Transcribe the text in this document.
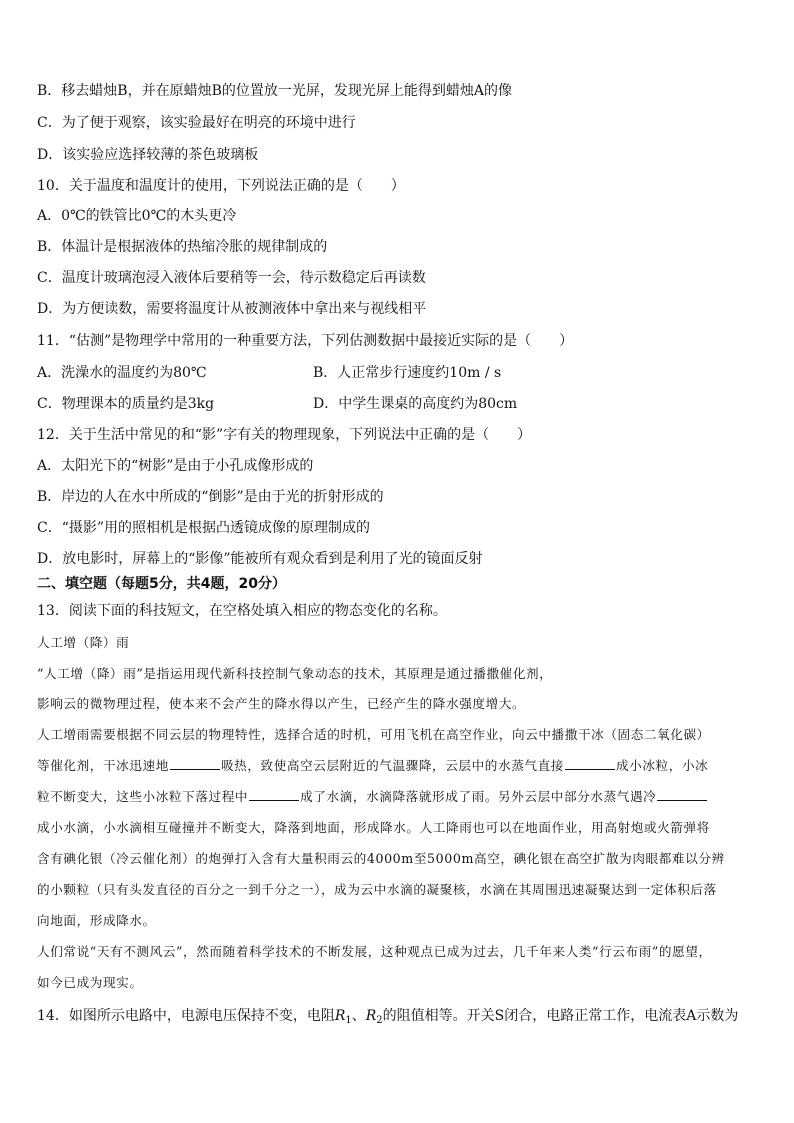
B．移去蜡烛B，并在原蜡烛B的位置放一光屏，发现光屏上能得到蜡烛A的像
C．为了便于观察，该实验最好在明亮的环境中进行
D．该实验应选择较薄的茶色玻璃板
10．关于温度和温度计的使用，下列说法正确的是（　　）
A．0℃的铁管比0℃的木头更冷
B．体温计是根据液体的热缩冷胀的规律制成的
C．温度计玻璃泡浸入液体后要稍等一会，待示数稳定后再读数
D．为方便读数，需要将温度计从被测液体中拿出来与视线相平
11．“估测”是物理学中常用的一种重要方法，下列估测数据中最接近实际的是（　　）
A．洗澡水的温度约为80℃	B．人正常步行速度约10m / s
C．物理课本的质量约是3kg	D．中学生课桌的高度约为80cm
12．关于生活中常见的和“影”字有关的物理现象，下列说法中正确的是（　　）
A．太阳光下的“树影”是由于小孔成像形成的
B．岸边的人在水中所成的“倒影”是由于光的折射形成的
C．“摄影”用的照相机是根据凸透镜成像的原理制成的
D．放电影时，屏幕上的“影像”能被所有观众看到是利用了光的镜面反射
二、填空题（每题5分，共4题，20分）
13．阅读下面的科技短文，在空格处填入相应的物态变化的名称。
人工增（降）雨
“人工增（降）雨”是指运用现代新科技控制气象动态的技术，其原理是通过播撒催化剂，
影响云的微物理过程，使本来不会产生的降水得以产生，已经产生的降水强度增大。
人工增雨需要根据不同云层的物理特性，选择合适的时机，可用飞机在高空作业，向云中播撒干冰（固态二氧化碳）
等催化剂，干冰迅速地	吸热，致使高空云层附近的气温骤降，云层中的水蒸气直接	成小冰粒，小冰
粒不断变大，这些小冰粒下落过程中	成了水滴，水滴降落就形成了雨。另外云层中部分水蒸气遇冷
成小水滴，小水滴相互碰撞并不断变大，降落到地面，形成降水。人工降雨也可以在地面作业，用高射炮或火箭弹将
含有碘化银（冷云催化剂）的炮弹打入含有大量积雨云的4000m至5000m高空，碘化银在高空扩散为肉眼都难以分辨
的小颗粒（只有头发直径的百分之一到千分之一），成为云中水滴的凝聚核，水滴在其周围迅速凝聚达到一定体积后落
向地面，形成降水。
人们常说“天有不测风云”，然而随着科学技术的不断发展，这种观点已成为过去，几千年来人类“行云布雨”的愿望，
如今已成为现实。
14．如图所示电路中，电源电压保持不变，电阻$R_1$、$R_2$的阻值相等。开关S闭合，电路正常工作，电流表A示数为
